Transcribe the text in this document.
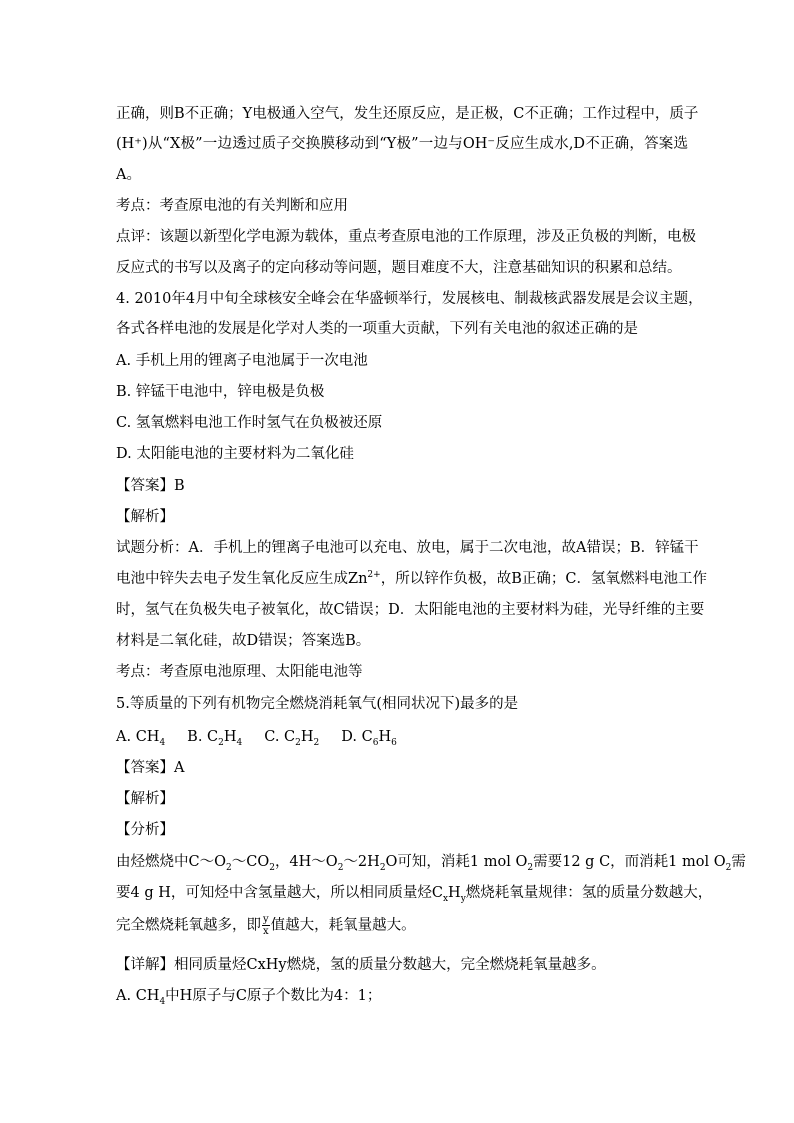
正确，则B不正确；Y电极通入空气，发生还原反应，是正极，C不正确；工作过程中，质子
(H⁺)从“X极”一边透过质子交换膜移动到“Y极”一边与OH⁻反应生成水,D不正确，答案选
A。
考点：考查原电池的有关判断和应用
点评：该题以新型化学电源为载体，重点考查原电池的工作原理，涉及正负极的判断，电极
反应式的书写以及离子的定向移动等问题，题目难度不大，注意基础知识的积累和总结。
4. 2010年4月中旬全球核安全峰会在华盛顿举行，发展核电、制裁核武器发展是会议主题，
各式各样电池的发展是化学对人类的一项重大贡献，下列有关电池的叙述正确的是
A. 手机上用的锂离子电池属于一次电池
B. 锌锰干电池中，锌电极是负极
C. 氢氧燃料电池工作时氢气在负极被还原
D. 太阳能电池的主要材料为二氧化硅
【答案】B
【解析】
试题分析：A．手机上的锂离子电池可以充电、放电，属于二次电池，故A错误；B．锌锰干
电池中锌失去电子发生氧化反应生成$Zn^{2+}$，所以锌作负极，故B正确；C．氢氧燃料电池工作
时，氢气在负极失电子被氧化，故C错误；D．太阳能电池的主要材料为硅，光导纤维的主要
材料是二氧化硅，故D错误；答案选B。
考点：考查原电池原理、太阳能电池等
5.等质量的下列有机物完全燃烧消耗氧气(相同状况下)最多的是
A. $CH_4$ B. $C_2H_4$ C. $C_2H_2$ D. $C_6H_6$
【答案】A
【解析】
【分析】
由烃燃烧中$C\sim O_2\sim CO_2$，$4H\sim O_2\sim 2H_2O$可知，消耗1 mol $O_2$需要12 g C，而消耗1 mol $O_2$需
要4 g H，可知烃中含氢量越大，所以相同质量烃$C_xH_y$燃烧耗氧量规律：氢的质量分数越大，
完全燃烧耗氧越多，即 $\frac{y}{x}$ 值越大，耗氧量越大。
【详解】相同质量烃CxHy燃烧，氢的质量分数越大，完全燃烧耗氧量越多。
A. $CH_4$中H原子与C原子个数比为4：1；
